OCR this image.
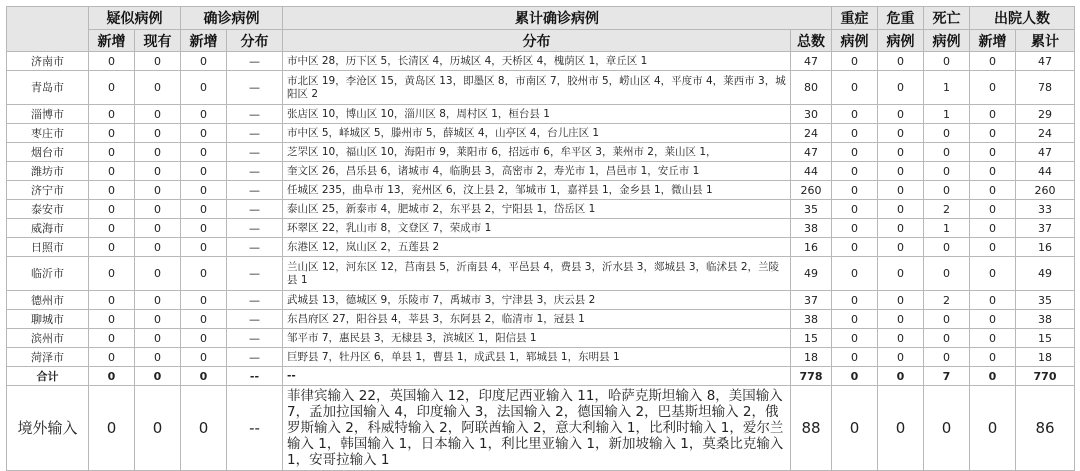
	疑似病例		确诊病例		累计确诊病例		重症	危重	死亡	出院人数	
	新增	现有	新增	分布	分布	总数	病例	病例	病例	新增	累计
济南市	0	0	0	—	市中区 28，历下区 5，长清区 4，历城区 4，天桥区 4，槐荫区 1，章丘区 1	47	0	0	0	0	47
青岛市	0	0	0	—	市北区 19，李沧区 15，黄岛区 13，即墨区 8，市南区 7，胶州市 5，崂山区 4，平度市 4，莱西市 3，城阳区 2	80	0	0	1	0	78
淄博市	0	0	0	—	张店区 10，博山区 10，淄川区 8，周村区 1，桓台县 1	30	0	0	1	0	29
枣庄市	0	0	0	—	市中区 5，峄城区 5，滕州市 5，薛城区 4，山亭区 4，台儿庄区 1	24	0	0	0	0	24
烟台市	0	0	0	—	芝罘区 10，福山区 10，海阳市 9，莱阳市 6，招远市 6，牟平区 3，莱州市 2，莱山区 1，	47	0	0	0	0	47
潍坊市	0	0	0	—	奎文区 26，昌乐县 6，诸城市 4，临朐县 3，高密市 2，寿光市 1，昌邑市 1，安丘市 1	44	0	0	0	0	44
济宁市	0	0	0	—	任城区 235，曲阜市 13，兖州区 6，汶上县 2，邹城市 1，嘉祥县 1，金乡县 1，微山县 1	260	0	0	0	0	260
泰安市	0	0	0	—	泰山区 25，新泰市 4，肥城市 2，东平县 2，宁阳县 1，岱岳区 1	35	0	0	2	0	33
威海市	0	0	0	—	环翠区 22，乳山市 8，文登区 7，荣成市 1	38	0	0	1	0	37
日照市	0	0	0	—	东港区 12，岚山区 2，五莲县 2	16	0	0	0	0	16
临沂市	0	0	0	—	兰山区 12，河东区 12，莒南县 5，沂南县 4，平邑县 4，费县 3，沂水县 3，郯城县 3，临沭县 2，兰陵县 1	49	0	0	0	0	49
德州市	0	0	0	—	武城县 13，德城区 9，乐陵市 7，禹城市 3，宁津县 3，庆云县 2	37	0	0	2	0	35
聊城市	0	0	0	—	东昌府区 27，阳谷县 4，莘县 3，东阿县 2，临清市 1，冠县 1	38	0	0	0	0	38
滨州市	0	0	0	—	邹平市 7，惠民县 3，无棣县 3，滨城区 1，阳信县 1	15	0	0	0	0	15
菏泽市	0	0	0	—	巨野县 7，牡丹区 6，单县 1，曹县 1，成武县 1，郓城县 1，东明县 1	18	0	0	0	0	18
合计	0	0	0	--	--	778	0	0	7	0	770
境外输入	0	0	0	--	菲律宾输入 22，英国输入 12，印度尼西亚输入 11，哈萨克斯坦输入 8，美国输入 7，孟加拉国输入 4，印度输入 3，法国输入 2，德国输入 2，巴基斯坦输入 2，俄罗斯输入 2，科威特输入 2，阿联酋输入 2，意大利输入 1，比利时输入 1，爱尔兰输入 1，韩国输入 1，日本输入 1，利比里亚输入 1，新加坡输入 1，莫桑比克输入 1，安哥拉输入 1	88	0	0	0	0	86
